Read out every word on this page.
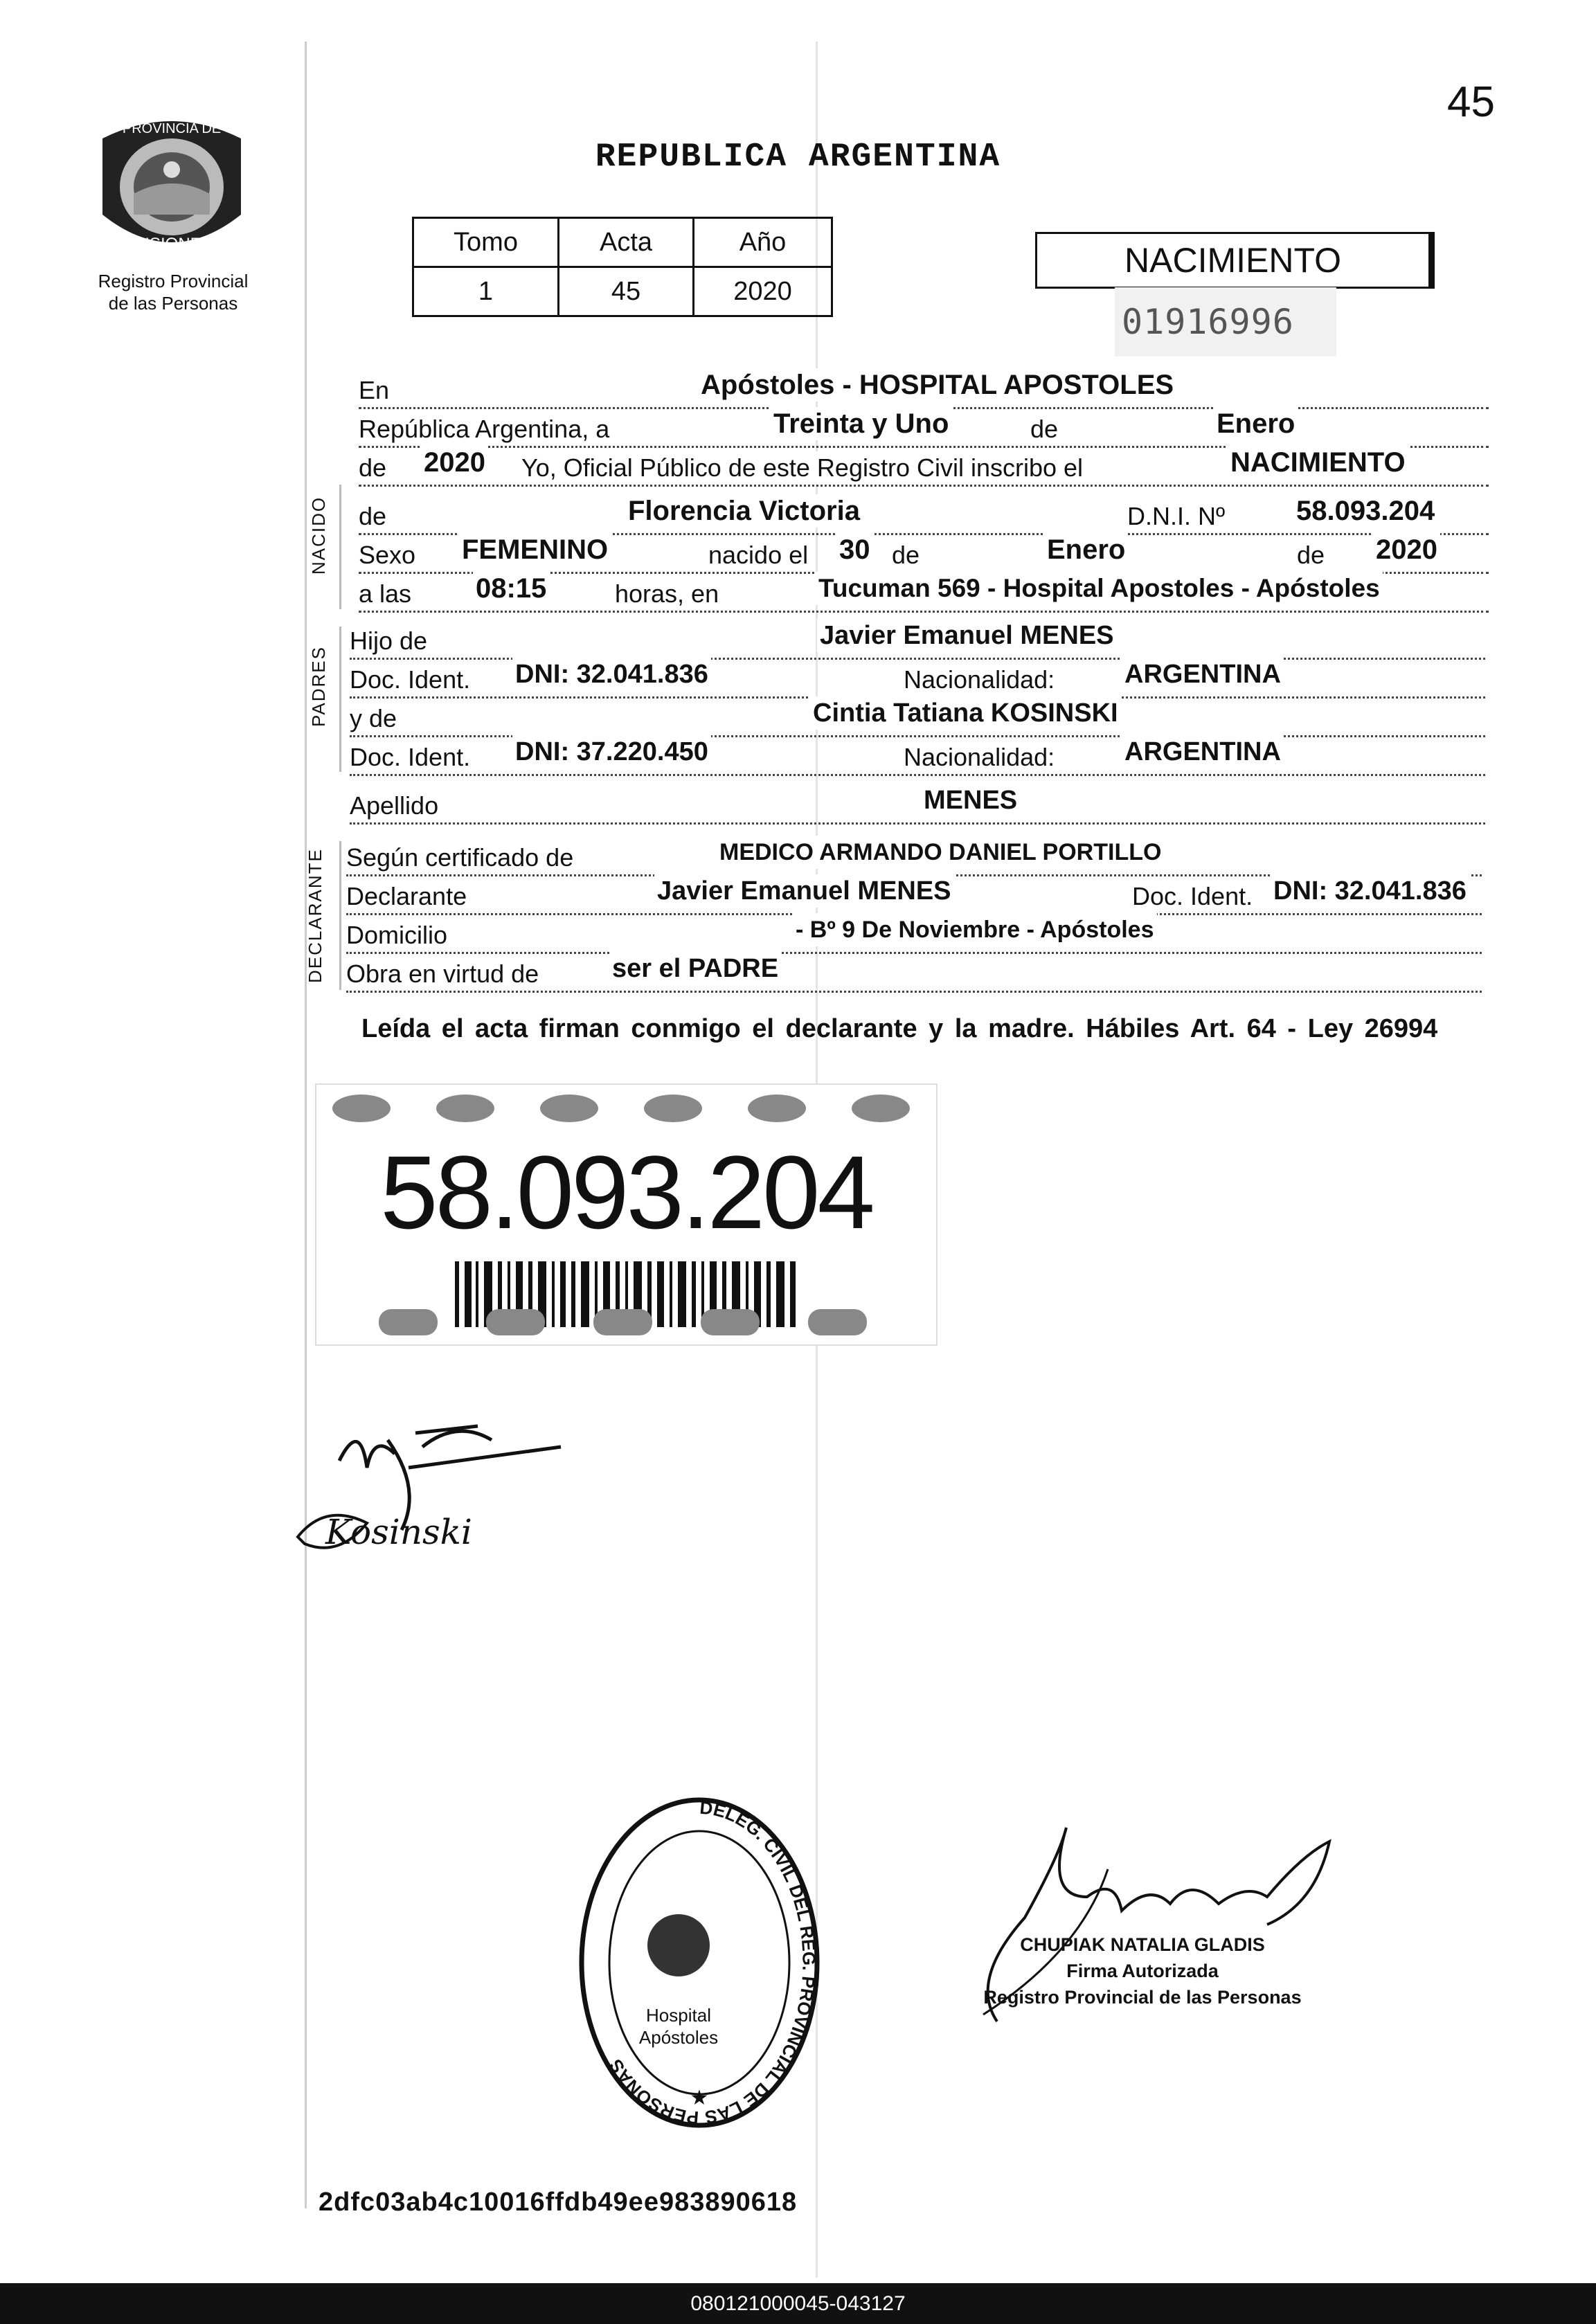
45
PROVINCIA DE
MISIONES
Registro Provincial
de las Personas
REPUBLICA ARGENTINA
Tomo	Acta	Año
1	45	2020
NACIMIENTO
01916996
NACIDO
PADRES
DECLARANTE
En	Apóstoles - HOSPITAL APOSTOLES
República Argentina, a	Treinta y Uno	de	Enero
de 2020 Yo, Oficial Público de este Registro Civil inscribo el	NACIMIENTO
de	Florencia Victoria	D.N.I. Nº	58.093.204
Sexo FEMENINO	nacido el 30 de	Enero	de 2020
a las 08:15	horas, en	Tucuman 569 - Hospital Apostoles - Apóstoles
Hijo de	Javier Emanuel MENES
Doc. Ident. DNI: 32.041.836	Nacionalidad:	ARGENTINA
y de	Cintia Tatiana KOSINSKI
Doc. Ident. DNI: 37.220.450	Nacionalidad:	ARGENTINA
Apellido	MENES
Según certificado de	MEDICO ARMANDO DANIEL PORTILLO
Declarante	Javier Emanuel MENES	Doc. Ident. DNI: 32.041.836
Domicilio	- Bº 9 De Noviembre - Apóstoles
Obra en virtud de	ser el PADRE
Leída el acta firman conmigo el declarante y la madre. Hábiles Art. 64 - Ley 26994
58.093.204
Kosinski
DELEG. CIVIL DEL REG. PROVINCIAL DE LAS PERSONAS
Hospital
Apóstoles
★
CHUPIAK NATALIA GLADIS
Firma Autorizada
Registro Provincial de las Personas
2dfc03ab4c10016ffdb49ee983890618
080121000045-043127
